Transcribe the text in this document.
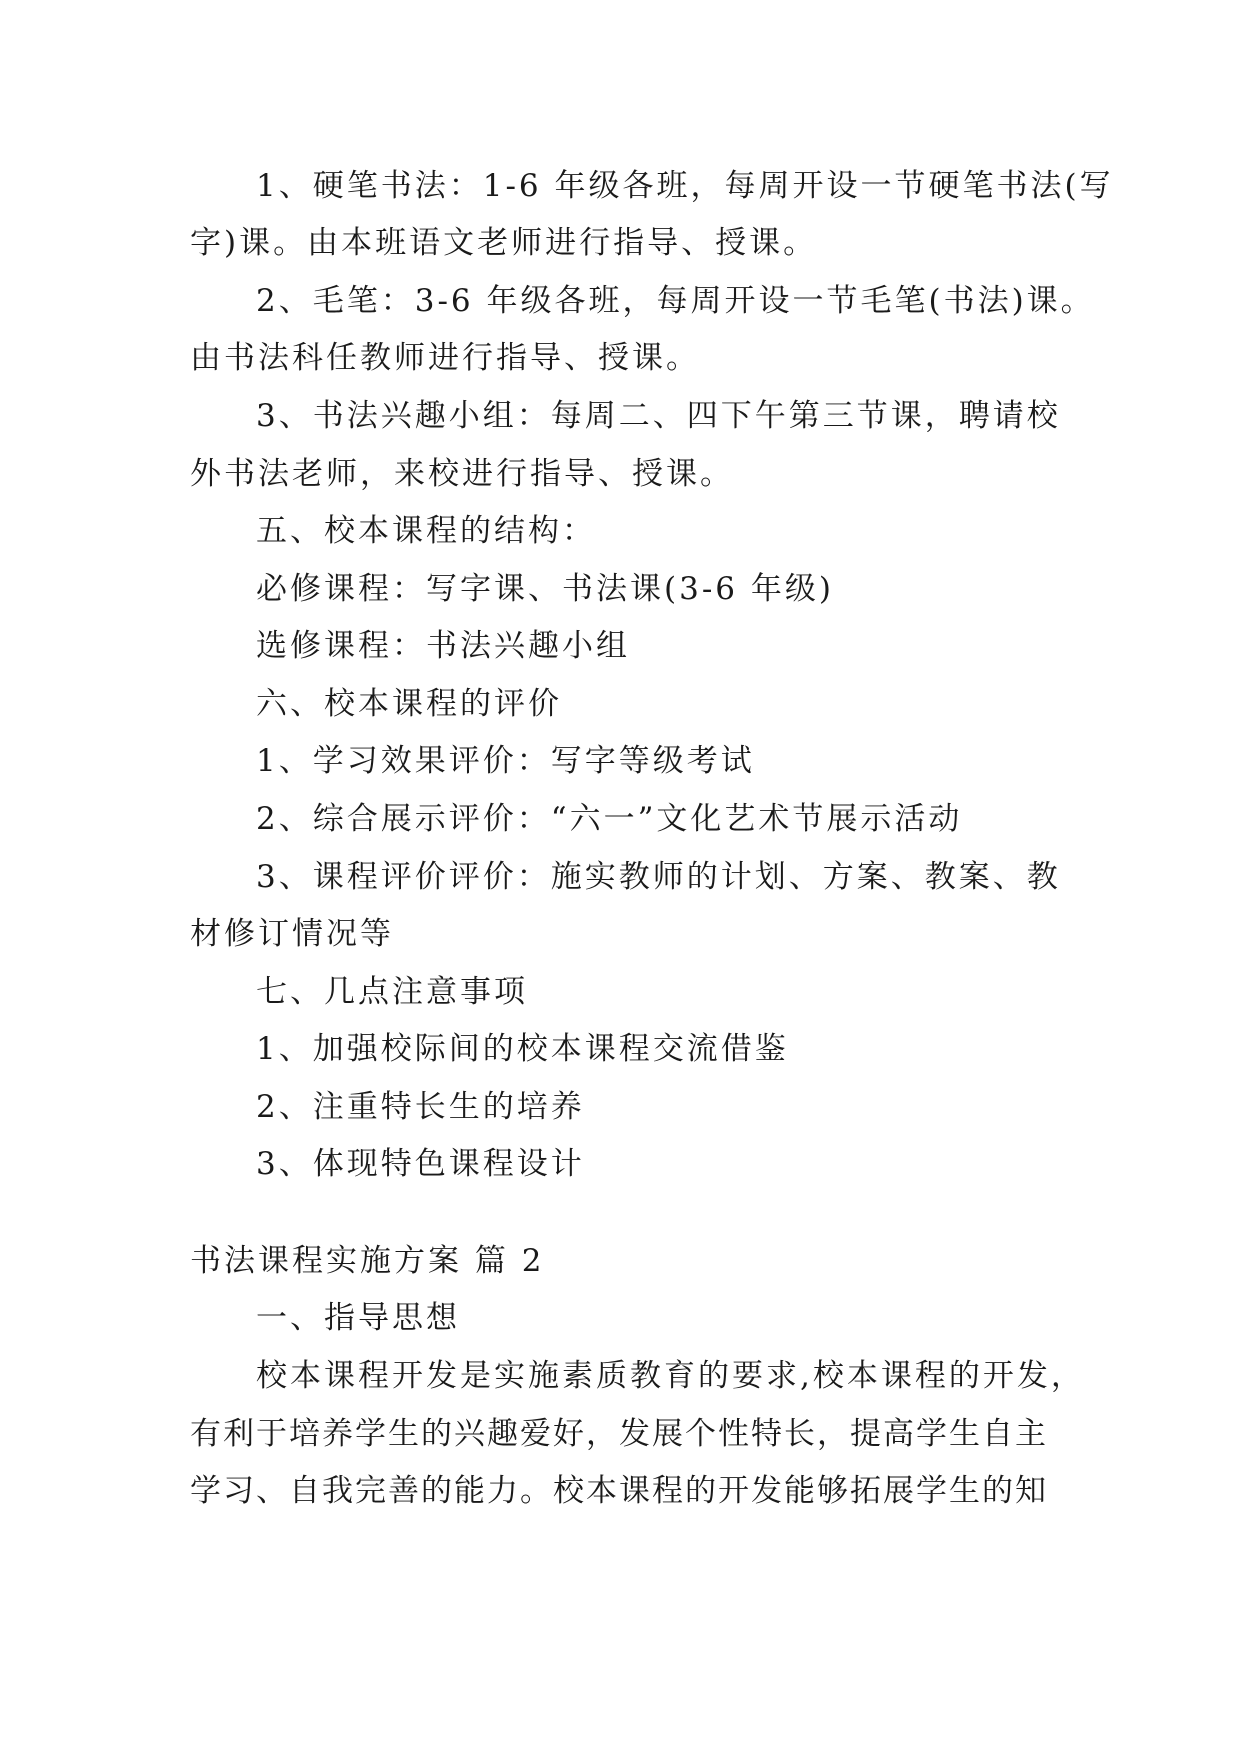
1、硬笔书法：1-6 年级各班，每周开设一节硬笔书法(写
字)课。由本班语文老师进行指导、授课。
2、毛笔：3-6 年级各班，每周开设一节毛笔(书法)课。
由书法科任教师进行指导、授课。
3、书法兴趣小组：每周二、四下午第三节课，聘请校
外书法老师，来校进行指导、授课。
五、校本课程的结构：
必修课程：写字课、书法课(3-6 年级)
选修课程：书法兴趣小组
六、校本课程的评价
1、学习效果评价：写字等级考试
2、综合展示评价：“六一”文化艺术节展示活动
3、课程评价评价：施实教师的计划、方案、教案、教
材修订情况等
七、几点注意事项
1、加强校际间的校本课程交流借鉴
2、注重特长生的培养
3、体现特色课程设计
书法课程实施方案 篇 2
一、指导思想
校本课程开发是实施素质教育的要求,校本课程的开发，
有利于培养学生的兴趣爱好，发展个性特长，提高学生自主
学习、自我完善的能力。校本课程的开发能够拓展学生的知
